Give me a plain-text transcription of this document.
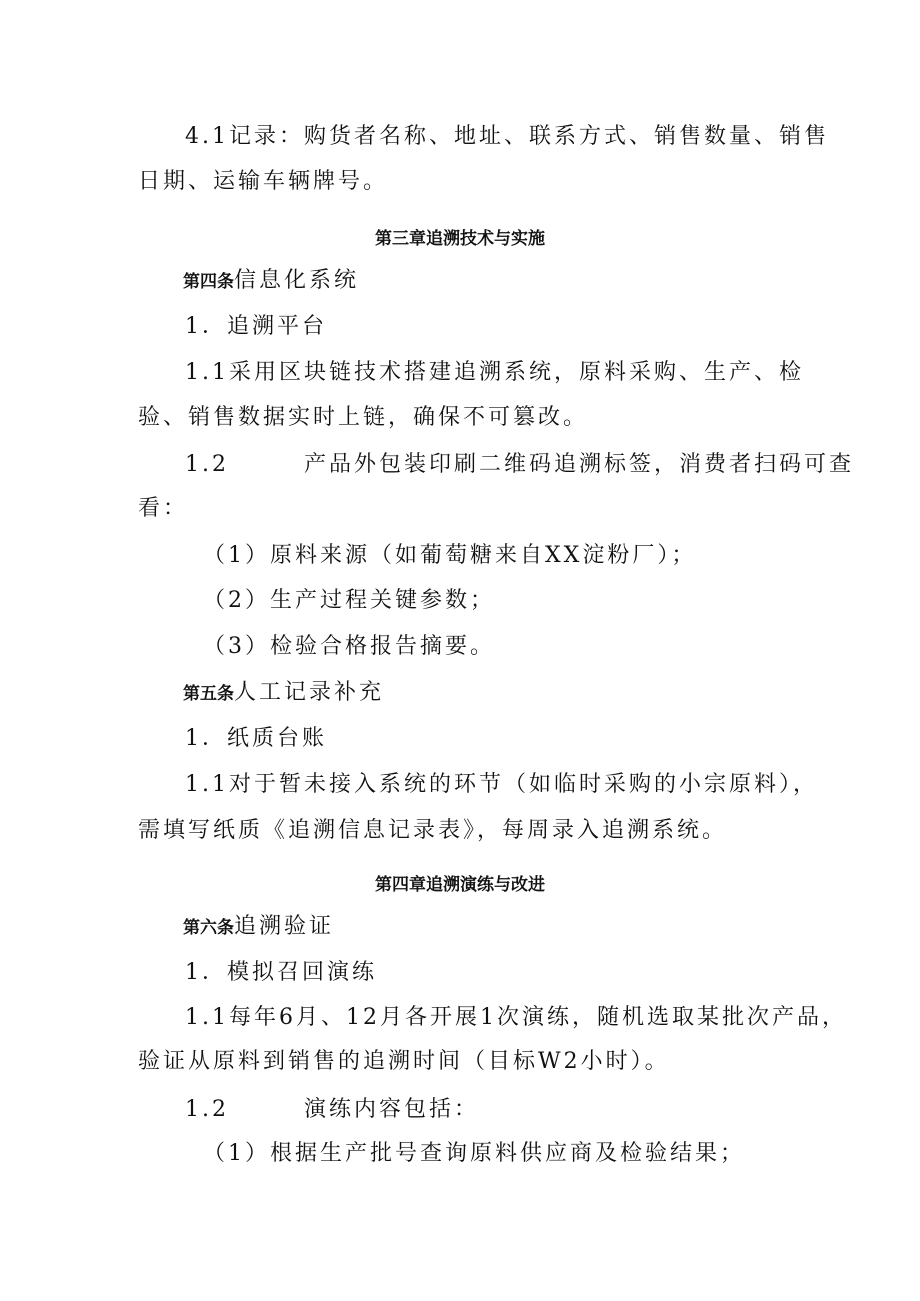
4.1记录：购货者名称、地址、联系方式、销售数量、销售
日期、运输车辆牌号。
第三章追溯技术与实施
第四条信息化系统
1．追溯平台
1.1采用区块链技术搭建追溯系统，原料采购、生产、检
验、销售数据实时上链，确保不可篡改。
1.2	产品外包装印刷二维码追溯标签，消费者扫码可查
看：
（1）原料来源（如葡萄糖来自XX淀粉厂）；
（2）生产过程关键参数；
（3）检验合格报告摘要。
第五条人工记录补充
1．纸质台账
1.1对于暂未接入系统的环节（如临时采购的小宗原料），
需填写纸质《追溯信息记录表》，每周录入追溯系统。
第四章追溯演练与改进
第六条追溯验证
1．模拟召回演练
1.1每年6月、12月各开展1次演练，随机选取某批次产品，
验证从原料到销售的追溯时间（目标W2小时）。
1.2	演练内容包括：
（1）根据生产批号查询原料供应商及检验结果；
